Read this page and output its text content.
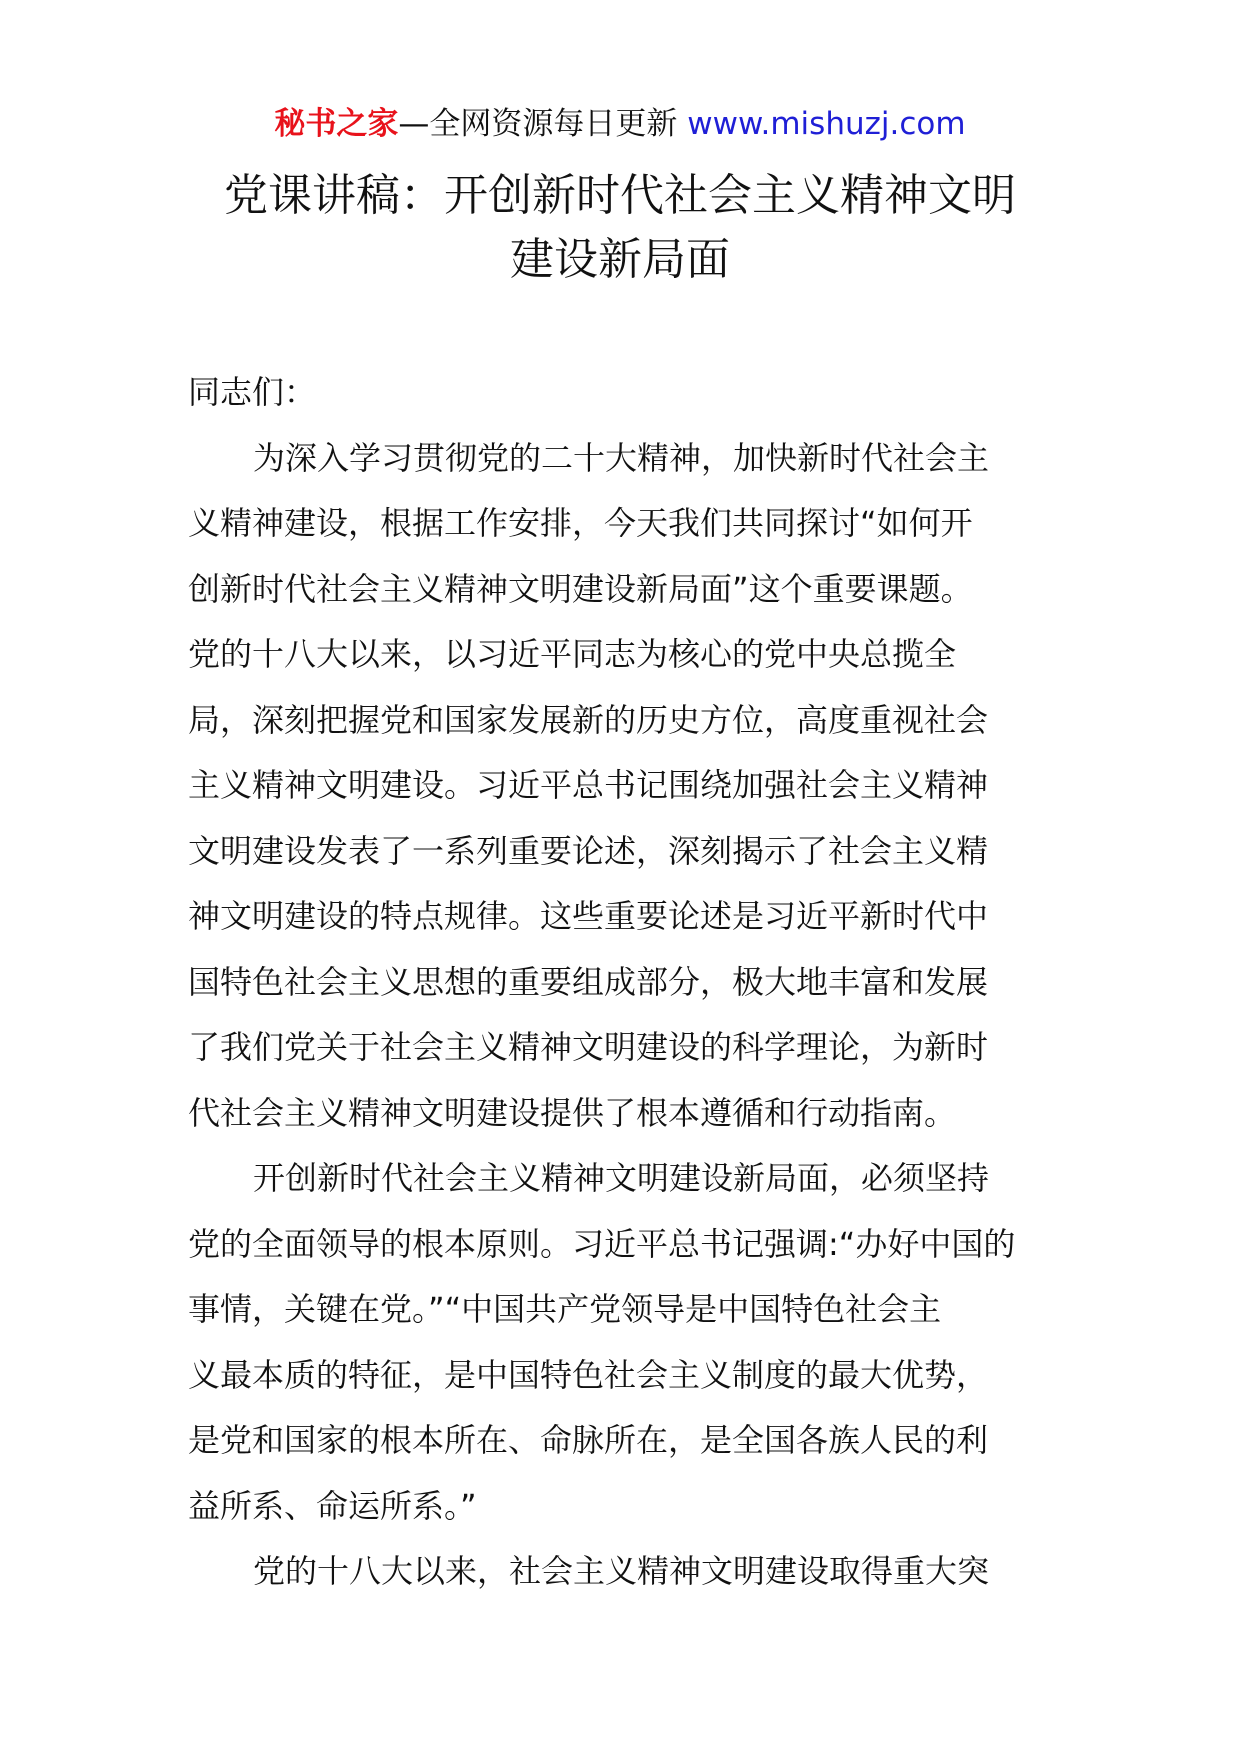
秘书之家—全网资源每日更新 www.mishuzj.com
党课讲稿：开创新时代社会主义精神文明
建设新局面
同志们：
为深入学习贯彻党的二十大精神，加快新时代社会主
义精神建设，根据工作安排，今天我们共同探讨“如何开
创新时代社会主义精神文明建设新局面”这个重要课题。
党的十八大以来，以习近平同志为核心的党中央总揽全
局，深刻把握党和国家发展新的历史方位，高度重视社会
主义精神文明建设。习近平总书记围绕加强社会主义精神
文明建设发表了一系列重要论述，深刻揭示了社会主义精
神文明建设的特点规律。这些重要论述是习近平新时代中
国特色社会主义思想的重要组成部分，极大地丰富和发展
了我们党关于社会主义精神文明建设的科学理论，为新时
代社会主义精神文明建设提供了根本遵循和行动指南。
开创新时代社会主义精神文明建设新局面，必须坚持
党的全面领导的根本原则。习近平总书记强调:“办好中国的
事情，关键在党。”“中国共产党领导是中国特色社会主
义最本质的特征，是中国特色社会主义制度的最大优势，
是党和国家的根本所在、命脉所在，是全国各族人民的利
益所系、命运所系。”
党的十八大以来，社会主义精神文明建设取得重大突
